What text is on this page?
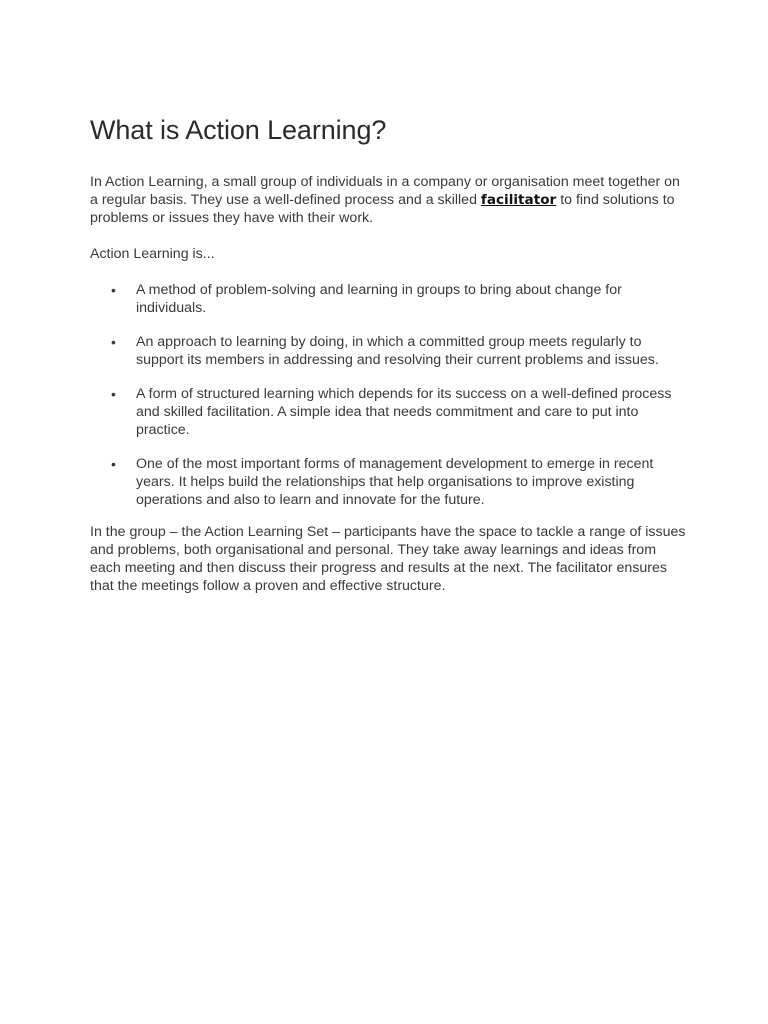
What is Action Learning?

In Action Learning, a small group of individuals in a company or organisation meet together on a regular basis. They use a well-defined process and a skilled facilitator to find solutions to problems or issues they have with their work.

Action Learning is...

• A method of problem-solving and learning in groups to bring about change for individuals.
• An approach to learning by doing, in which a committed group meets regularly to support its members in addressing and resolving their current problems and issues.
• A form of structured learning which depends for its success on a well-defined process and skilled facilitation. A simple idea that needs commitment and care to put into practice.
• One of the most important forms of management development to emerge in recent years. It helps build the relationships that help organisations to improve existing operations and also to learn and innovate for the future.

In the group – the Action Learning Set – participants have the space to tackle a range of issues and problems, both organisational and personal. They take away learnings and ideas from each meeting and then discuss their progress and results at the next. The facilitator ensures that the meetings follow a proven and effective structure.
